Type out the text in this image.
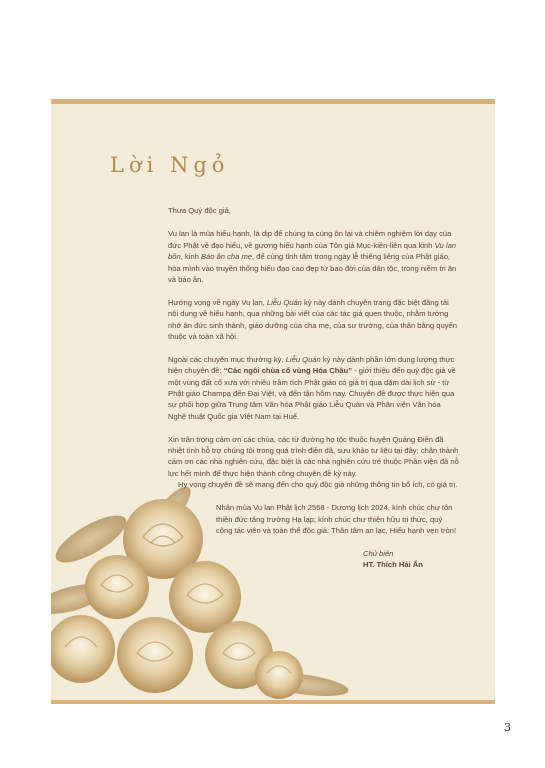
Lời Ngỏ

Thưa Quý độc giả,

Vu lan là mùa hiếu hạnh, là dịp để chúng ta cùng ôn lại và chiêm nghiệm lời dạy của đức Phật về đạo hiếu, về gương hiếu hạnh của Tôn giả Mục-kiền-liên qua kinh Vu lan bồn, kinh Báo ân cha mẹ, để cùng tỉnh tâm trong ngày lễ thiêng liêng của Phật giáo, hòa mình vào truyền thống hiếu đạo cao đẹp từ bao đời của dân tộc, trong niềm tri ân và báo ân.

Hướng vọng về ngày Vu lan, Liễu Quán kỳ này dành chuyên trang đặc biệt đăng tải nội dung về hiếu hạnh, qua những bài viết của các tác giả quen thuộc, nhằm tưởng nhớ ân đức sinh thành, giáo dưỡng của cha mẹ, của sư trưởng, của thân bằng quyến thuộc và toàn xã hội.

Ngoài các chuyên mục thường kỳ, Liễu Quán kỳ này dành phần lớn dung lượng thực hiện chuyên đề: “Các ngôi chùa cổ vùng Hóa Châu” - giới thiệu đến quý độc giả về một vùng đất cổ xưa với nhiều trầm tích Phật giáo có giá trị qua dặm dài lịch sử - từ Phật giáo Champa đến Đại Việt, và đến tận hôm nay. Chuyên đề được thực hiện qua sự phối hợp giữa Trung tâm Văn hóa Phật giáo Liễu Quán và Phân viện Văn hóa Nghệ thuật Quốc gia Việt Nam tại Huế.

Xin trân trọng cảm ơn các chùa, các từ đường họ tộc thuộc huyện Quảng Điền đã nhiệt tình hỗ trợ chúng tôi trong quá trình điền dã, sưu khảo tư liệu tại đây; chân thành cảm ơn các nhà nghiên cứu, đặc biệt là các nhà nghiên cứu trẻ thuộc Phân viện đã nỗ lực hết mình để thực hiện thành công chuyên đề kỳ này.

Hy vọng chuyên đề sẽ mang đến cho quý độc giả những thông tin bổ ích, có giá trị.

Nhân mùa Vu lan Phật lịch 2568 - Dương lịch 2024, kính chúc chư tôn thiền đức tăng trưởng Hạ lạp; kính chúc chư thiện hữu tri thức, quý cộng tác viên và toàn thể độc giả: Thân tâm an lạc, Hiếu hạnh vẹn tròn!

Chủ biên
HT. Thích Hải Ấn
3
